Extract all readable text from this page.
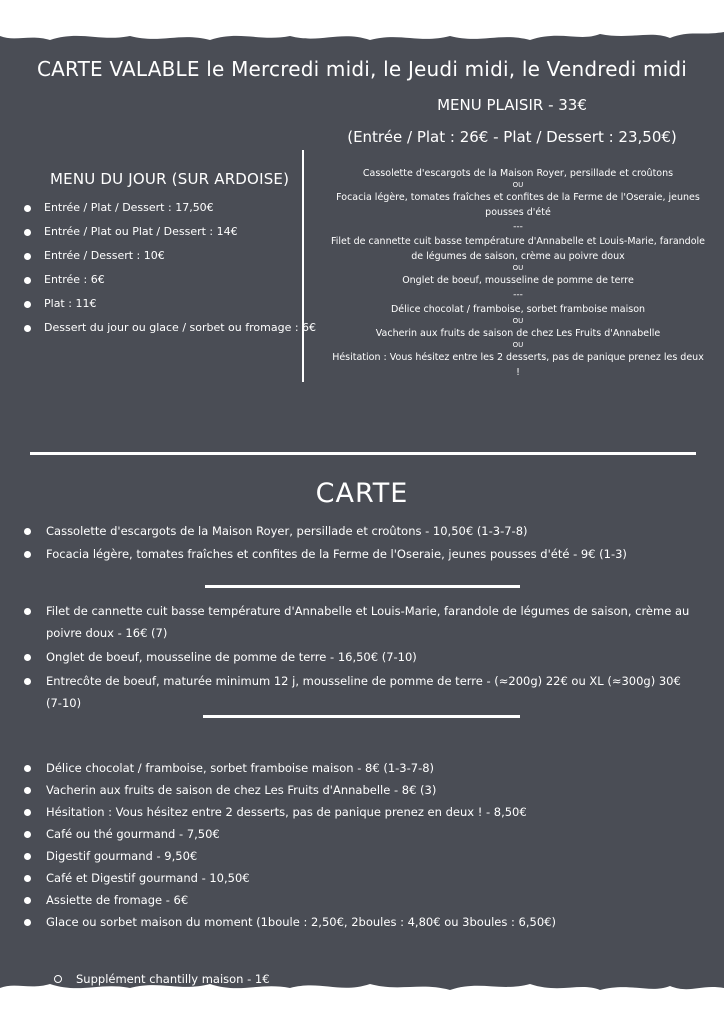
CARTE VALABLE le Mercredi midi, le Jeudi midi, le Vendredi midi
MENU PLAISIR - 33€
(Entrée / Plat : 26€ - Plat / Dessert : 23,50€)
MENU DU JOUR (SUR ARDOISE)
Entrée / Plat / Dessert : 17,50€
Entrée / Plat ou Plat / Dessert : 14€
Entrée / Dessert : 10€
Entrée : 6€
Plat : 11€
Dessert du jour ou glace / sorbet ou fromage : 6€

Cassolette d'escargots de la Maison Royer, persillade et croûtons

OU

Focacia légère, tomates fraîches et confites de la Ferme de l'Oseraie, jeunes pousses d'été

---

Filet de cannette cuit basse température d'Annabelle et Louis-Marie, farandole de légumes de saison, crème au poivre doux

OU

Onglet de boeuf, mousseline de pomme de terre

---

Délice chocolat / framboise, sorbet framboise maison

OU

Vacherin aux fruits de saison de chez Les Fruits d'Annabelle

OU

Hésitation : Vous hésitez entre les 2 desserts, pas de panique prenez les deux !

CARTE
Cassolette d'escargots de la Maison Royer, persillade et croûtons - 10,50€ (1-3-7-8)
Focacia légère, tomates fraîches et confites de la Ferme de l'Oseraie, jeunes pousses d'été - 9€ (1-3)
Filet de cannette cuit basse température d'Annabelle et Louis-Marie, farandole de légumes de saison, crème au poivre doux - 16€ (7)
Onglet de boeuf, mousseline de pomme de terre - 16,50€ (7-10)
Entrecôte de boeuf, maturée minimum 12 j, mousseline de pomme de terre - (≈200g) 22€ ou XL (≈300g) 30€ (7-10)
Délice chocolat / framboise, sorbet framboise maison - 8€ (1-3-7-8)
Vacherin aux fruits de saison de chez Les Fruits d'Annabelle - 8€ (3)
Hésitation : Vous hésitez entre 2 desserts, pas de panique prenez en deux ! - 8,50€
Café ou thé gourmand - 7,50€
Digestif gourmand - 9,50€
Café et Digestif gourmand - 10,50€
Assiette de fromage - 6€
Glace ou sorbet maison du moment (1boule : 2,50€, 2boules : 4,80€ ou 3boules : 6,50€)
Supplément chantilly maison - 1€
